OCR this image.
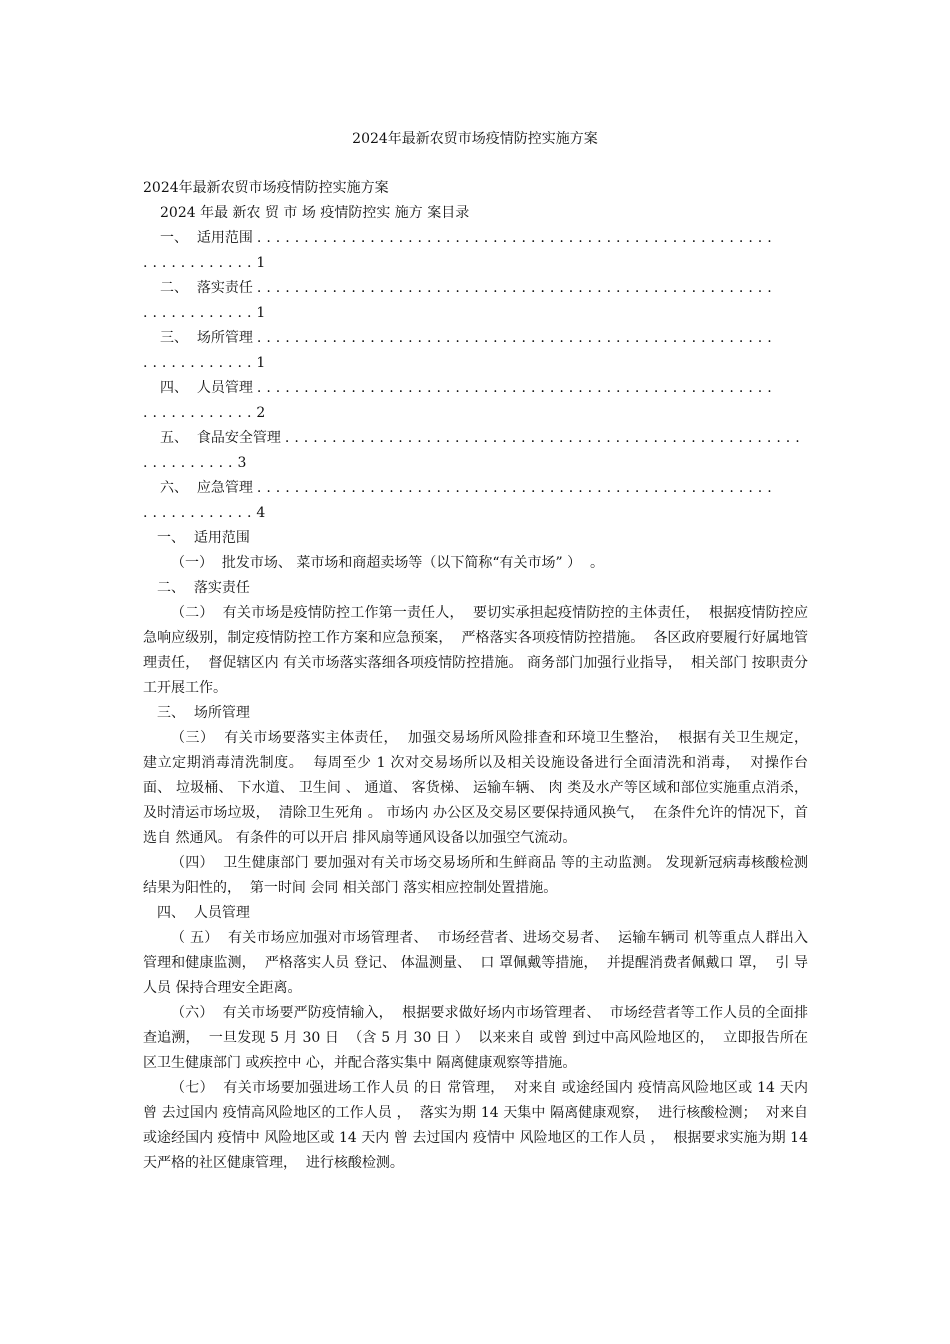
2024年最新农贸市场疫情防控实施方案

2024年最新农贸市场疫情防控实施方案

2024 年最 新农 贸 市 场 疫情防控实 施方 案目录

一、
适用范围 .......................................................
............1
二、
落实责任 .......................................................
............1
三、
场所管理 .......................................................
............1
四、
人员管理 .......................................................
............2
五、
食品安全管理 .......................................................
..........3
六、
应急管理 .......................................................
............4

一、  适用范围

（一）  批发市场、 菜市场和商超卖场等（以下简称“有关市场” ）  。

二、  落实责任

（二）  有关市场是疫情防控工作第一责任人，  要切实承担起疫情防控的主体责任，  根据疫情防控应急响应级别，制定疫情防控工作方案和应急预案，  严格落实各项疫情防控措施。  各区政府要履行好属地管理责任，  督促辖区内 有关市场落实落细各项疫情防控措施。 商务部门加强行业指导，  相关部门 按职责分工开展工作。

三、  场所管理

（三）  有关市场要落实主体责任，  加强交易场所风险排查和环境卫生整治，  根据有关卫生规定，  建立定期消毒清洗制度。  每周至少 1 次对交易场所以及相关设施设备进行全面清洗和消毒，  对操作台面、 垃圾桶、 下水道、 卫生间 、 通道、 客货梯、 运输车辆、 肉 类及水产等区域和部位实施重点消杀，  及时清运市场垃圾，  清除卫生死角 。 市场内 办公区及交易区要保持通风换气，  在条件允许的情况下，首选自 然通风。 有条件的可以开启 排风扇等通风设备以加强空气流动。

（四）  卫生健康部门 要加强对有关市场交易场所和生鲜商品 等的主动监测。 发现新冠病毒核酸检测结果为阳性的，  第一时间 会同 相关部门 落实相应控制处置措施。

四、  人员管理

（ 五）  有关市场应加强对市场管理者、  市场经营者、进场交易者、  运输车辆司 机等重点人群出入管理和健康监测，  严格落实人员 登记、 体温测量、  口 罩佩戴等措施，  并提醒消费者佩戴口 罩，  引 导人员 保持合理安全距离。

（六）  有关市场要严防疫情输入，  根据要求做好场内市场管理者、  市场经营者等工作人员的全面排查追溯，  一旦发现 5 月 30 日  （含 5 月 30 日 ）  以来来自 或曾 到过中高风险地区的，  立即报告所在区卫生健康部门 或疾控中 心，并配合落实集中 隔离健康观察等措施。

（七）  有关市场要加强进场工作人员 的日 常管理，  对来自 或途经国内 疫情高风险地区或 14 天内 曾 去过国内 疫情高风险地区的工作人员 ，  落实为期 14 天集中 隔离健康观察，  进行核酸检测；  对来自 或途经国内 疫情中 风险地区或 14 天内 曾 去过国内 疫情中 风险地区的工作人员 ，  根据要求实施为期 14 天严格的社区健康管理，  进行核酸检测。
